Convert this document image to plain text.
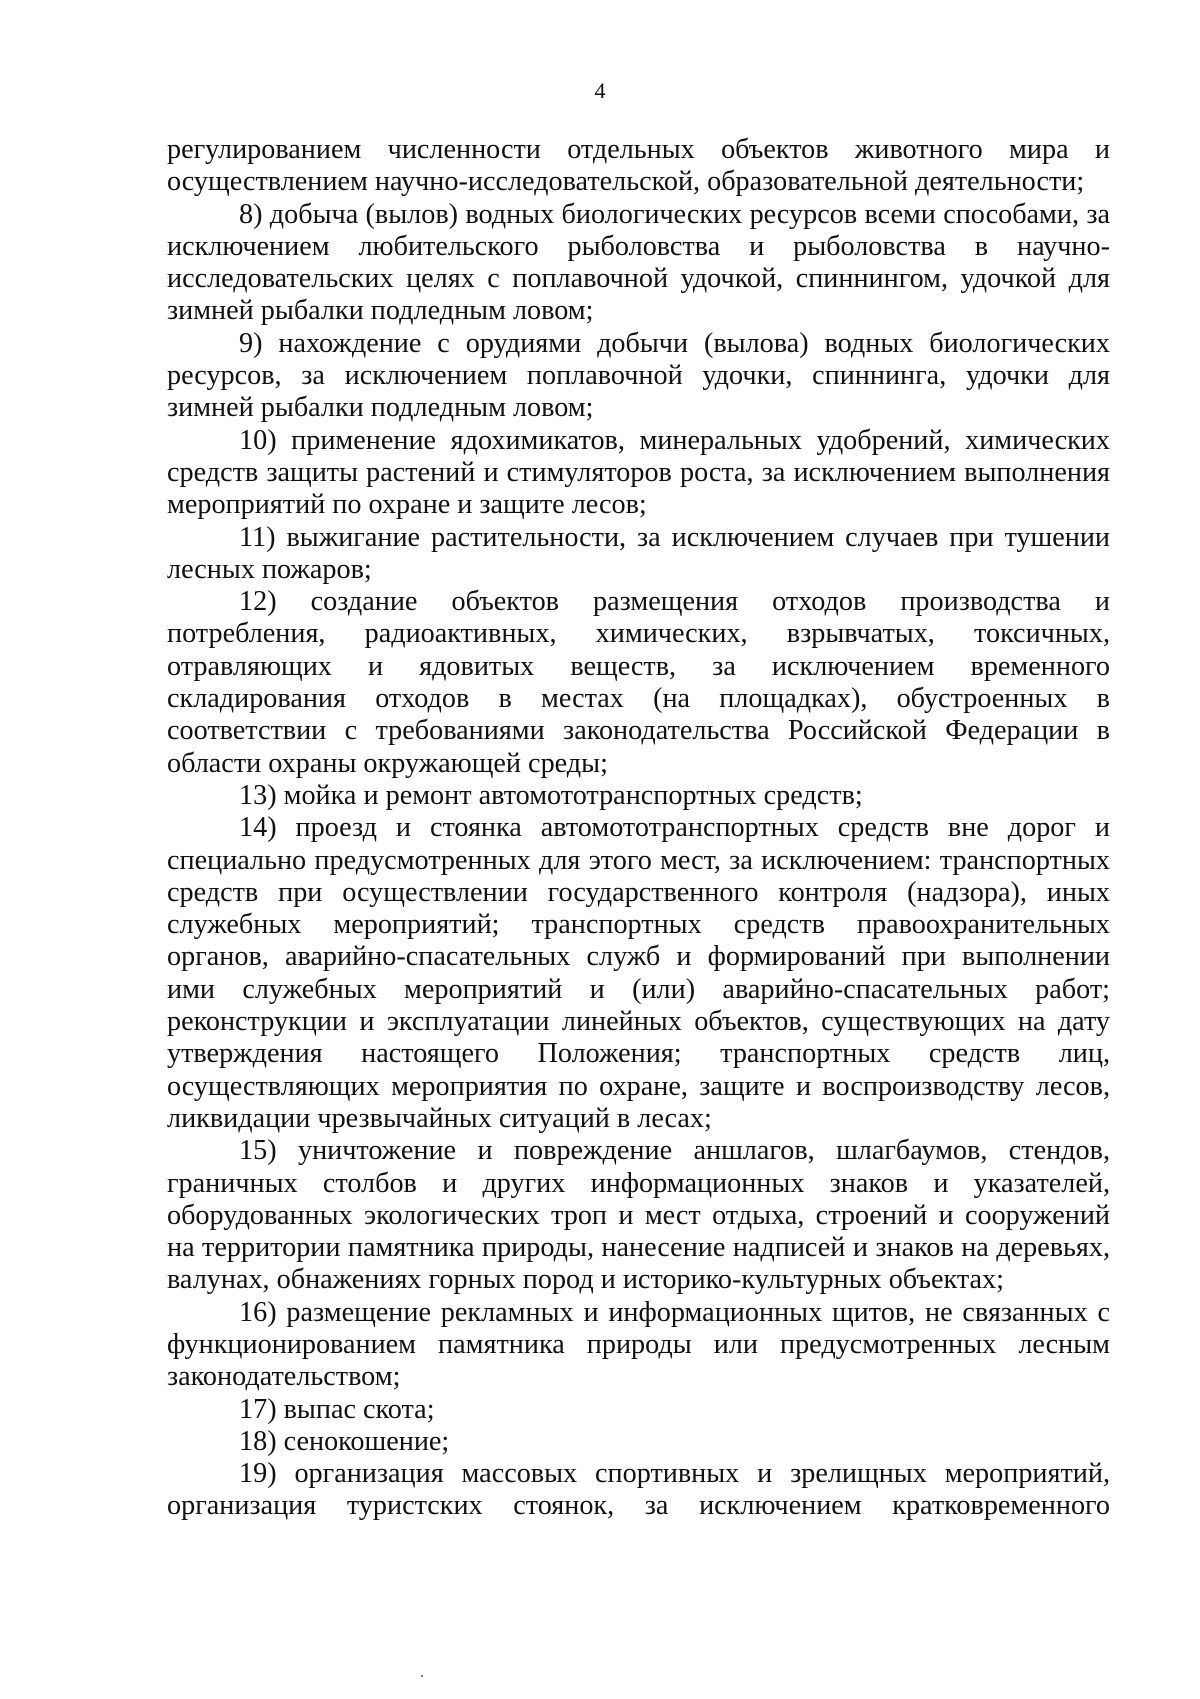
4

регулированием численности отдельных объектов животного мира и осуществлением научно-исследовательской, образовательной деятельности;

8) добыча (вылов) водных биологических ресурсов всеми способами, за исключением любительского рыболовства и рыболовства в научно-исследовательских целях с поплавочной удочкой, спиннингом, удочкой для зимней рыбалки подледным ловом;

9) нахождение с орудиями добычи (вылова) водных биологических ресурсов, за исключением поплавочной удочки, спиннинга, удочки для зимней рыбалки подледным ловом;

10) применение ядохимикатов, минеральных удобрений, химических средств защиты растений и стимуляторов роста, за исключением выполнения мероприятий по охране и защите лесов;

11) выжигание растительности, за исключением случаев при тушении лесных пожаров;

12) создание объектов размещения отходов производства и потребления, радиоактивных, химических, взрывчатых, токсичных, отравляющих и ядовитых веществ, за исключением временного складирования отходов в местах (на площадках), обустроенных в соответствии с требованиями законодательства Российской Федерации в области охраны окружающей среды;

13) мойка и ремонт автомототранспортных средств;

14) проезд и стоянка автомототранспортных средств вне дорог и специально предусмотренных для этого мест, за исключением: транспортных средств при осуществлении государственного контроля (надзора), иных служебных мероприятий; транспортных средств правоохранительных органов, аварийно-спасательных служб и формирований при выполнении ими служебных мероприятий и (или) аварийно-спасательных работ; реконструкции и эксплуатации линейных объектов, существующих на дату утверждения настоящего Положения; транспортных средств лиц, осуществляющих мероприятия по охране, защите и воспроизводству лесов, ликвидации чрезвычайных ситуаций в лесах;

15) уничтожение и повреждение аншлагов, шлагбаумов, стендов, граничных столбов и других информационных знаков и указателей, оборудованных экологических троп и мест отдыха, строений и сооружений на территории памятника природы, нанесение надписей и знаков на деревьях, валунах, обнажениях горных пород и историко-культурных объектах;

16) размещение рекламных и информационных щитов, не связанных с функционированием памятника природы или предусмотренных лесным законодательством;

17) выпас скота;

18) сенокошение;

19) организация массовых спортивных и зрелищных мероприятий, организация туристских стоянок, за исключением кратковременного
